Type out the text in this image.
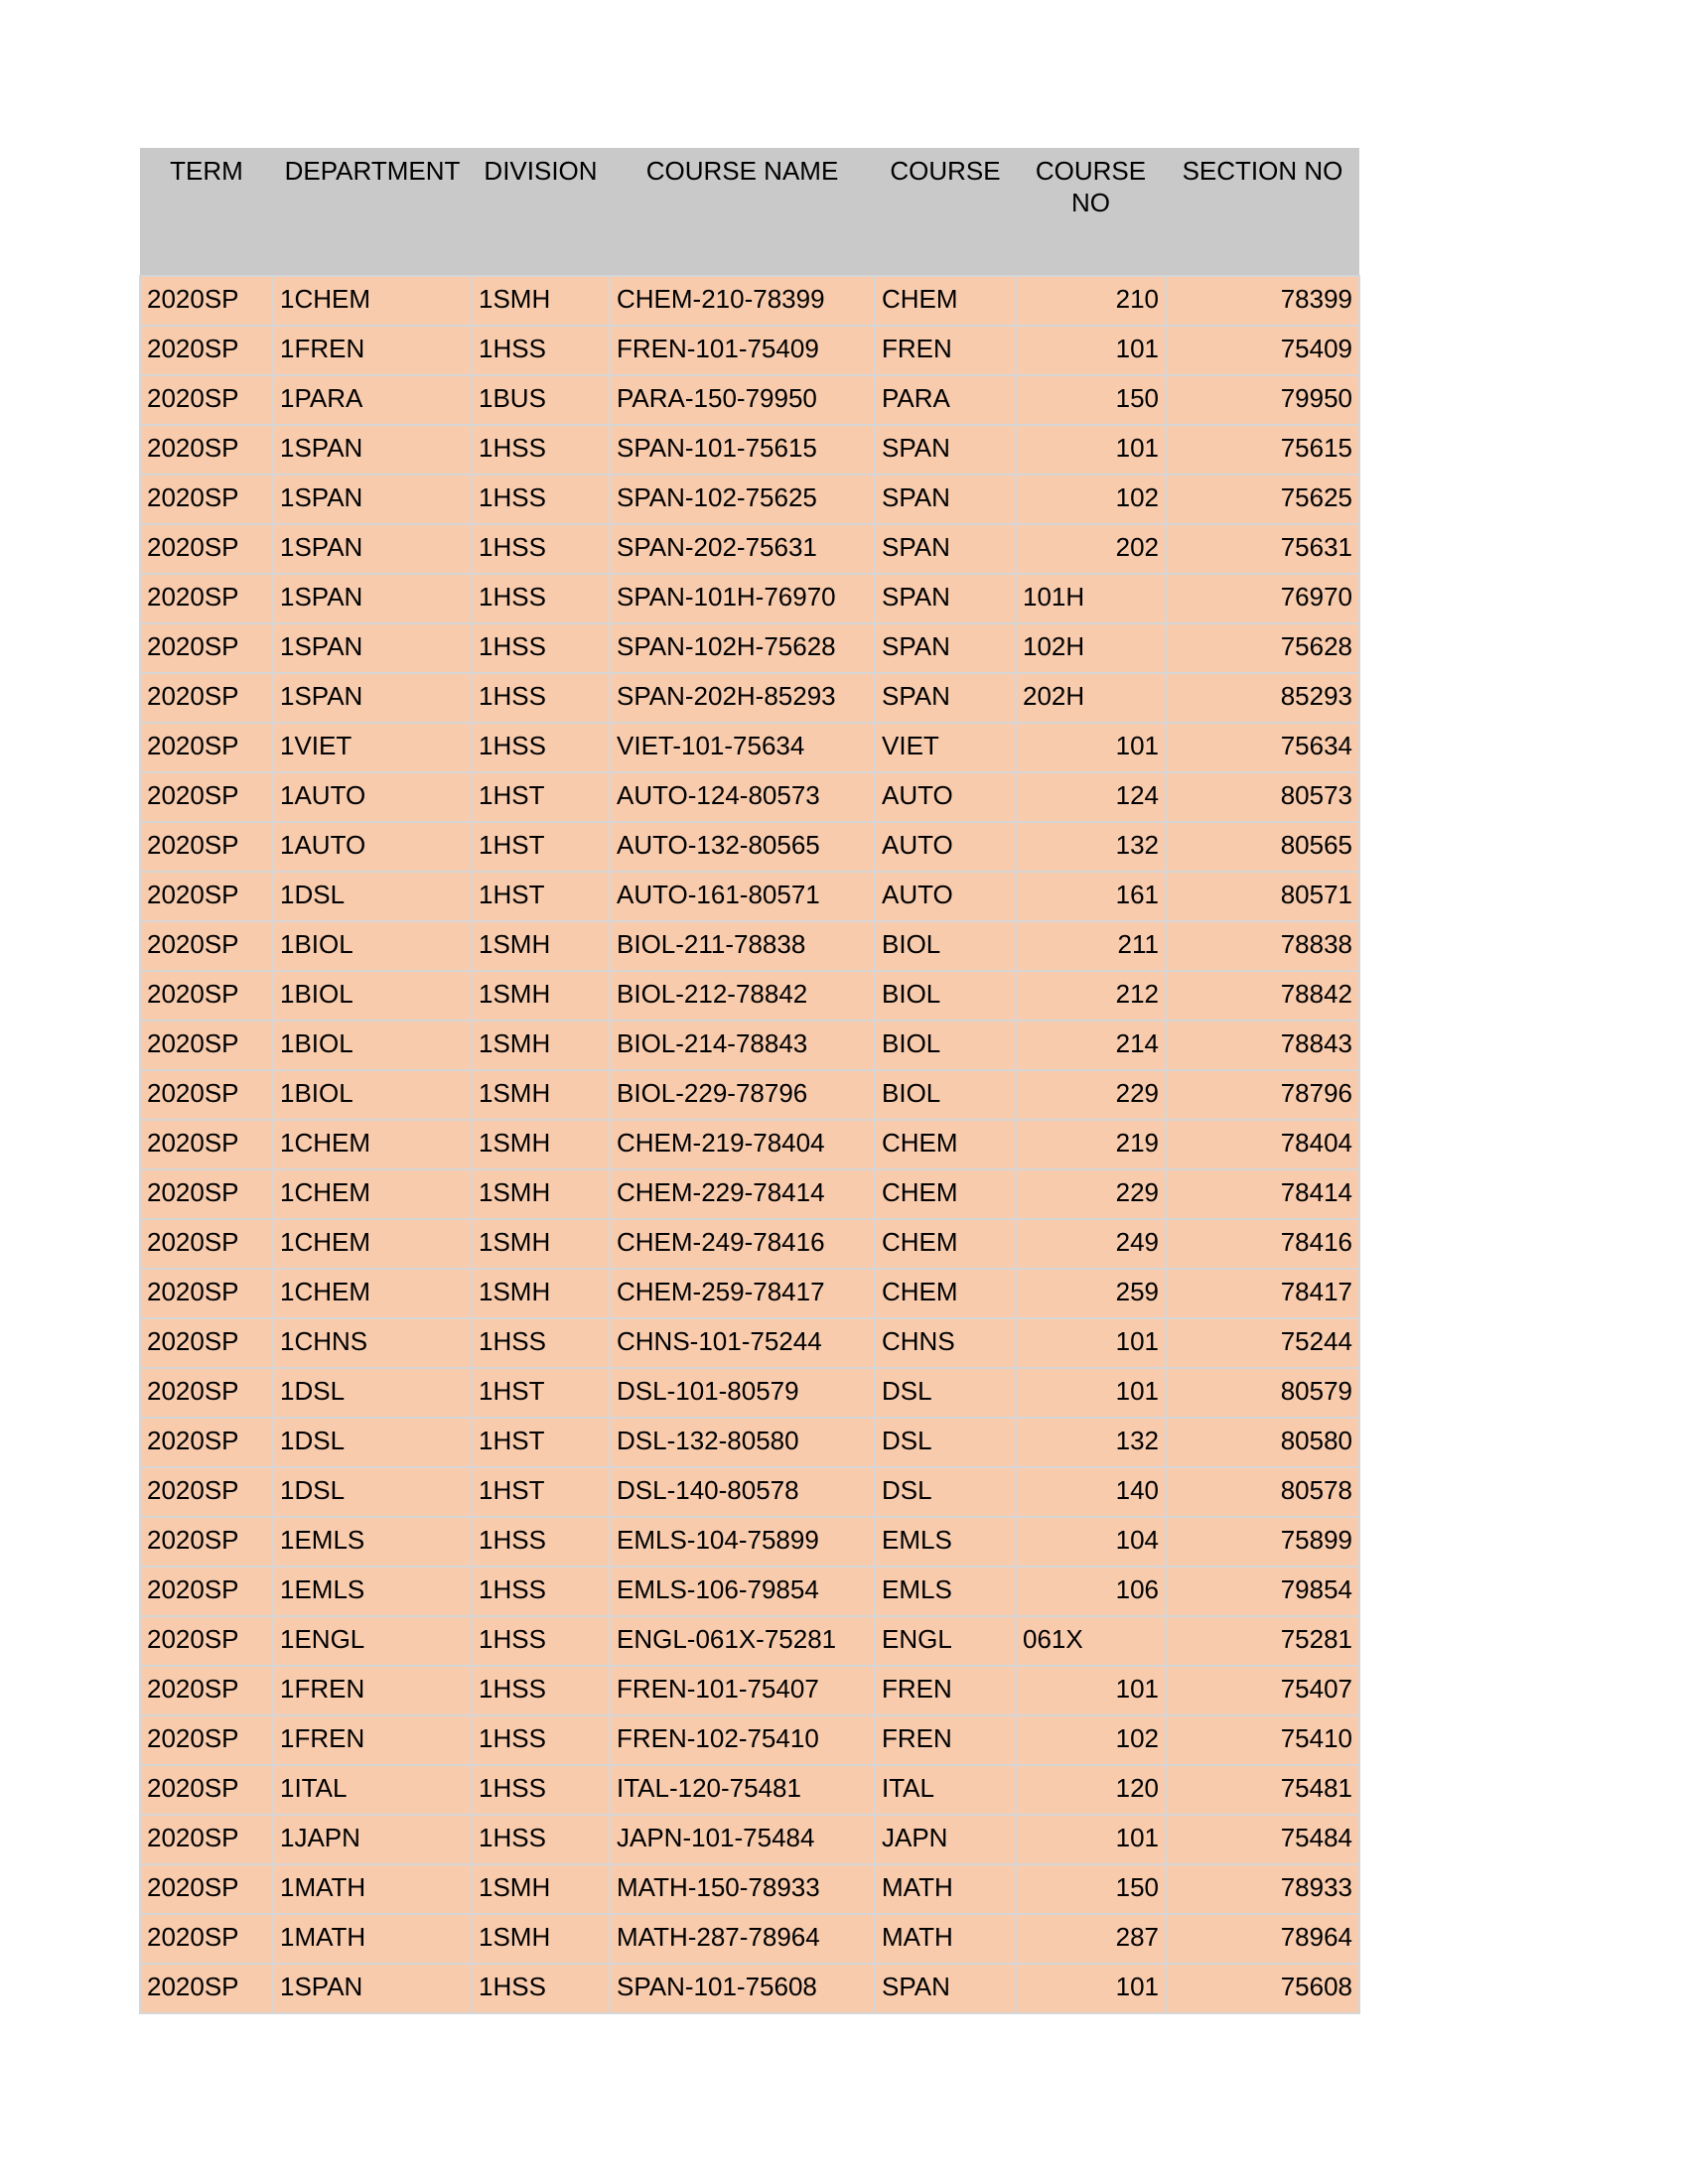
TERM	DEPARTMENT	DIVISION	COURSE NAME	COURSE	COURSE NO	SECTION NO
2020SP	1CHEM	1SMH	CHEM-210-78399	CHEM	210	78399
2020SP	1FREN	1HSS	FREN-101-75409	FREN	101	75409
2020SP	1PARA	1BUS	PARA-150-79950	PARA	150	79950
2020SP	1SPAN	1HSS	SPAN-101-75615	SPAN	101	75615
2020SP	1SPAN	1HSS	SPAN-102-75625	SPAN	102	75625
2020SP	1SPAN	1HSS	SPAN-202-75631	SPAN	202	75631
2020SP	1SPAN	1HSS	SPAN-101H-76970	SPAN	101H	76970
2020SP	1SPAN	1HSS	SPAN-102H-75628	SPAN	102H	75628
2020SP	1SPAN	1HSS	SPAN-202H-85293	SPAN	202H	85293
2020SP	1VIET	1HSS	VIET-101-75634	VIET	101	75634
2020SP	1AUTO	1HST	AUTO-124-80573	AUTO	124	80573
2020SP	1AUTO	1HST	AUTO-132-80565	AUTO	132	80565
2020SP	1DSL	1HST	AUTO-161-80571	AUTO	161	80571
2020SP	1BIOL	1SMH	BIOL-211-78838	BIOL	211	78838
2020SP	1BIOL	1SMH	BIOL-212-78842	BIOL	212	78842
2020SP	1BIOL	1SMH	BIOL-214-78843	BIOL	214	78843
2020SP	1BIOL	1SMH	BIOL-229-78796	BIOL	229	78796
2020SP	1CHEM	1SMH	CHEM-219-78404	CHEM	219	78404
2020SP	1CHEM	1SMH	CHEM-229-78414	CHEM	229	78414
2020SP	1CHEM	1SMH	CHEM-249-78416	CHEM	249	78416
2020SP	1CHEM	1SMH	CHEM-259-78417	CHEM	259	78417
2020SP	1CHNS	1HSS	CHNS-101-75244	CHNS	101	75244
2020SP	1DSL	1HST	DSL-101-80579	DSL	101	80579
2020SP	1DSL	1HST	DSL-132-80580	DSL	132	80580
2020SP	1DSL	1HST	DSL-140-80578	DSL	140	80578
2020SP	1EMLS	1HSS	EMLS-104-75899	EMLS	104	75899
2020SP	1EMLS	1HSS	EMLS-106-79854	EMLS	106	79854
2020SP	1ENGL	1HSS	ENGL-061X-75281	ENGL	061X	75281
2020SP	1FREN	1HSS	FREN-101-75407	FREN	101	75407
2020SP	1FREN	1HSS	FREN-102-75410	FREN	102	75410
2020SP	1ITAL	1HSS	ITAL-120-75481	ITAL	120	75481
2020SP	1JAPN	1HSS	JAPN-101-75484	JAPN	101	75484
2020SP	1MATH	1SMH	MATH-150-78933	MATH	150	78933
2020SP	1MATH	1SMH	MATH-287-78964	MATH	287	78964
2020SP	1SPAN	1HSS	SPAN-101-75608	SPAN	101	75608
